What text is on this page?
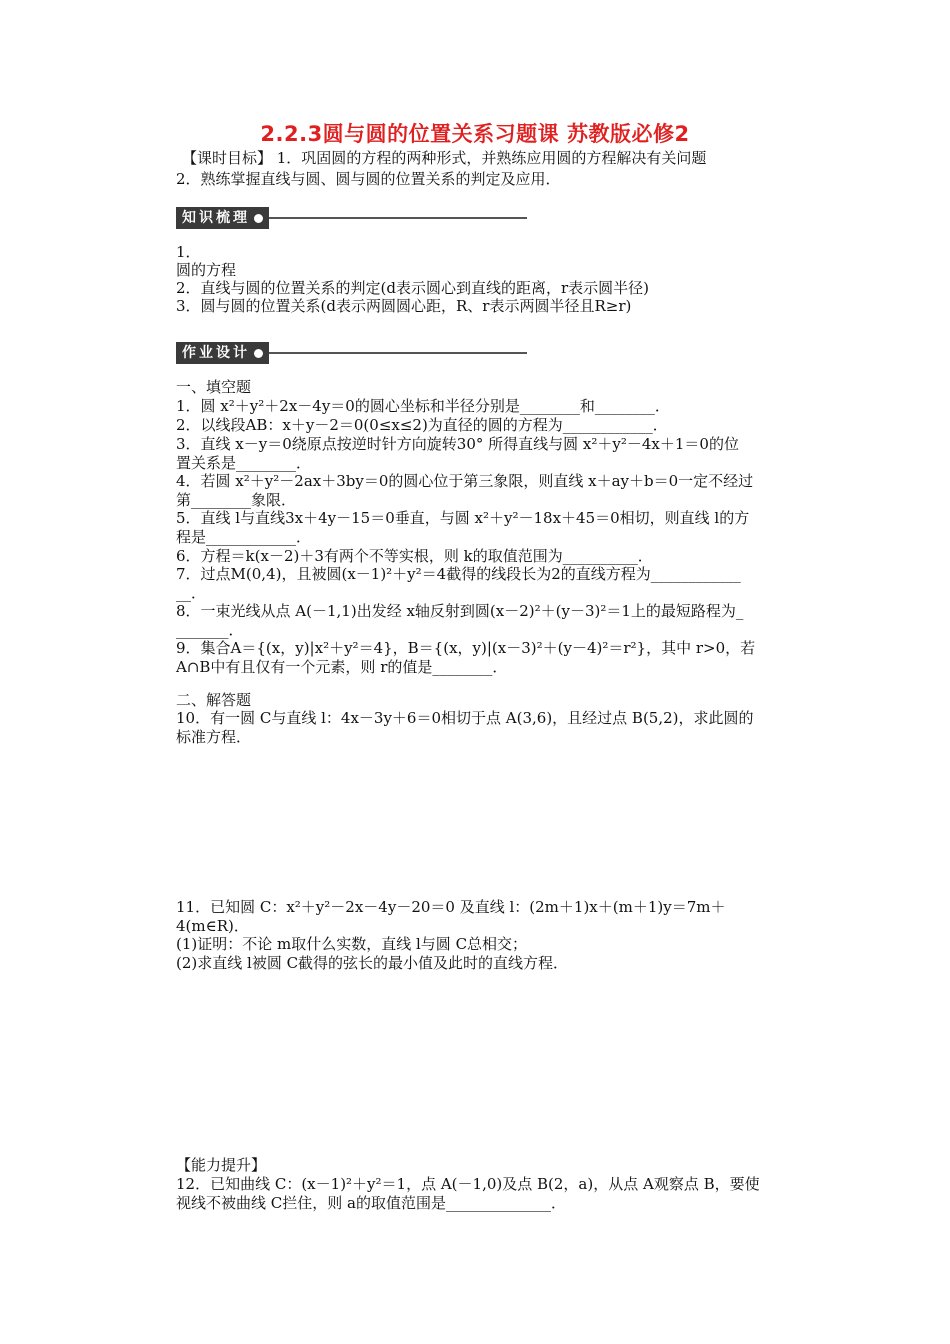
2.2.3圆与圆的位置关系习题课 苏教版必修2
【课时目标】 1．巩固圆的方程的两种形式，并熟练应用圆的方程解决有关问题
2．熟练掌握直线与圆、圆与圆的位置关系的判定及应用．
知识梳理
1．
圆的方程
2．直线与圆的位置关系的判定(d表示圆心到直线的距离，r表示圆半径)
3．圆与圆的位置关系(d表示两圆圆心距，R、r表示两圆半径且R≥r)
作业设计
一、填空题
1．圆 x²＋y²＋2x－4y＝0的圆心坐标和半径分别是________和________．
2．以线段AB：x＋y－2＝0(0≤x≤2)为直径的圆的方程为____________．
3．直线 x－y＝0绕原点按逆时针方向旋转30° 所得直线与圆 x²＋y²－4x＋1＝0的位
置关系是________．
4．若圆 x²＋y²－2ax＋3by＝0的圆心位于第三象限，则直线 x＋ay＋b＝0一定不经过
第________象限．
5．直线 l与直线3x＋4y－15＝0垂直，与圆 x²＋y²－18x＋45＝0相切，则直线 l的方
程是____________．
6．方程＝k(x－2)＋3有两个不等实根，则 k的取值范围为__________．
7．过点M(0,4)，且被圆(x－1)²＋y²＝4截得的线段长为2的直线方程为____________
__．
8．一束光线从点 A(－1,1)出发经 x轴反射到圆(x－2)²＋(y－3)²＝1上的最短路程为_
_______．
9．集合A＝{(x，y)|x²＋y²＝4}，B＝{(x，y)|(x－3)²＋(y－4)²＝r²}，其中 r>0，若
A∩B中有且仅有一个元素，则 r的值是________．
二、解答题
10．有一圆 C与直线 l：4x－3y＋6＝0相切于点 A(3,6)，且经过点 B(5,2)，求此圆的
标准方程．
11．已知圆 C：x²＋y²－2x－4y－20＝0 及直线 l：(2m＋1)x＋(m＋1)y＝7m＋
4(m∈R)．
(1)证明：不论 m取什么实数，直线 l与圆 C总相交；
(2)求直线 l被圆 C截得的弦长的最小值及此时的直线方程．
【能力提升】
12．已知曲线 C：(x－1)²＋y²＝1，点 A(－1,0)及点 B(2，a)，从点 A观察点 B，要使
视线不被曲线 C拦住，则 a的取值范围是______________．
